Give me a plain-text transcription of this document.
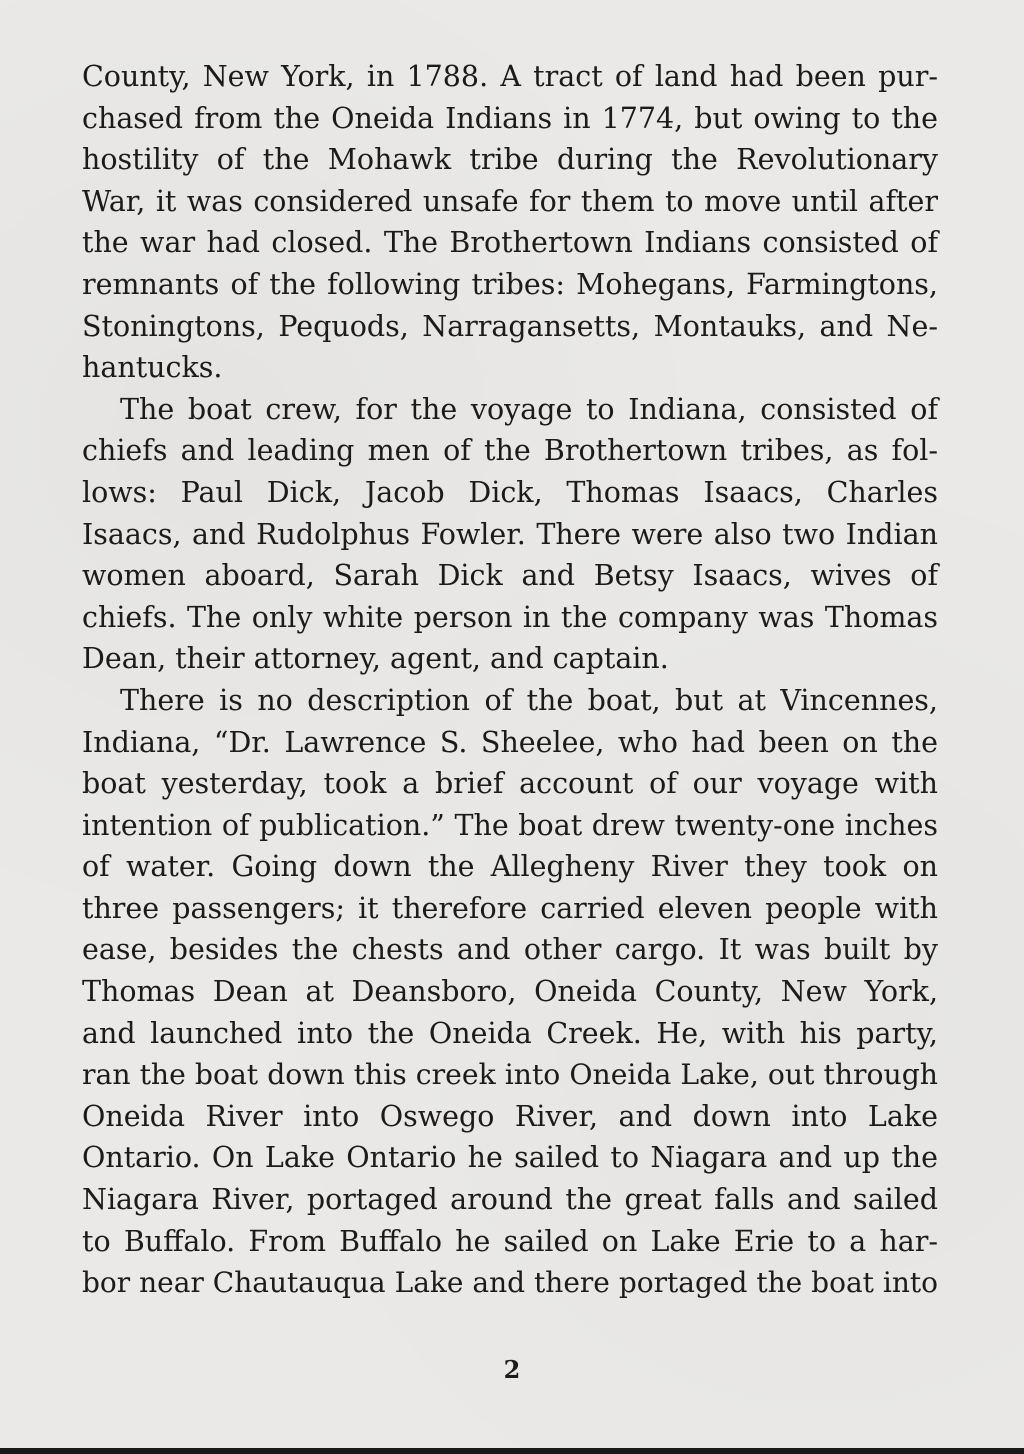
County, New York, in 1788. A tract of land had been pur-
chased from the Oneida Indians in 1774, but owing to the
hostility of the Mohawk tribe during the Revolutionary
War, it was considered unsafe for them to move until after
the war had closed. The Brothertown Indians consisted of
remnants of the following tribes: Mohegans, Farmingtons,
Stoningtons, Pequods, Narragansetts, Montauks, and Ne-
hantucks.
The boat crew, for the voyage to Indiana, consisted of
chiefs and leading men of the Brothertown tribes, as fol-
lows: Paul Dick, Jacob Dick, Thomas Isaacs, Charles
Isaacs, and Rudolphus Fowler. There were also two Indian
women aboard, Sarah Dick and Betsy Isaacs, wives of
chiefs. The only white person in the company was Thomas
Dean, their attorney, agent, and captain.
There is no description of the boat, but at Vincennes,
Indiana, “Dr. Lawrence S. Sheelee, who had been on the
boat yesterday, took a brief account of our voyage with
intention of publication.” The boat drew twenty-one inches
of water. Going down the Allegheny River they took on
three passengers; it therefore carried eleven people with
ease, besides the chests and other cargo. It was built by
Thomas Dean at Deansboro, Oneida County, New York,
and launched into the Oneida Creek. He, with his party,
ran the boat down this creek into Oneida Lake, out through
Oneida River into Oswego River, and down into Lake
Ontario. On Lake Ontario he sailed to Niagara and up the
Niagara River, portaged around the great falls and sailed
to Buffalo. From Buffalo he sailed on Lake Erie to a har-
bor near Chautauqua Lake and there portaged the boat into
2
